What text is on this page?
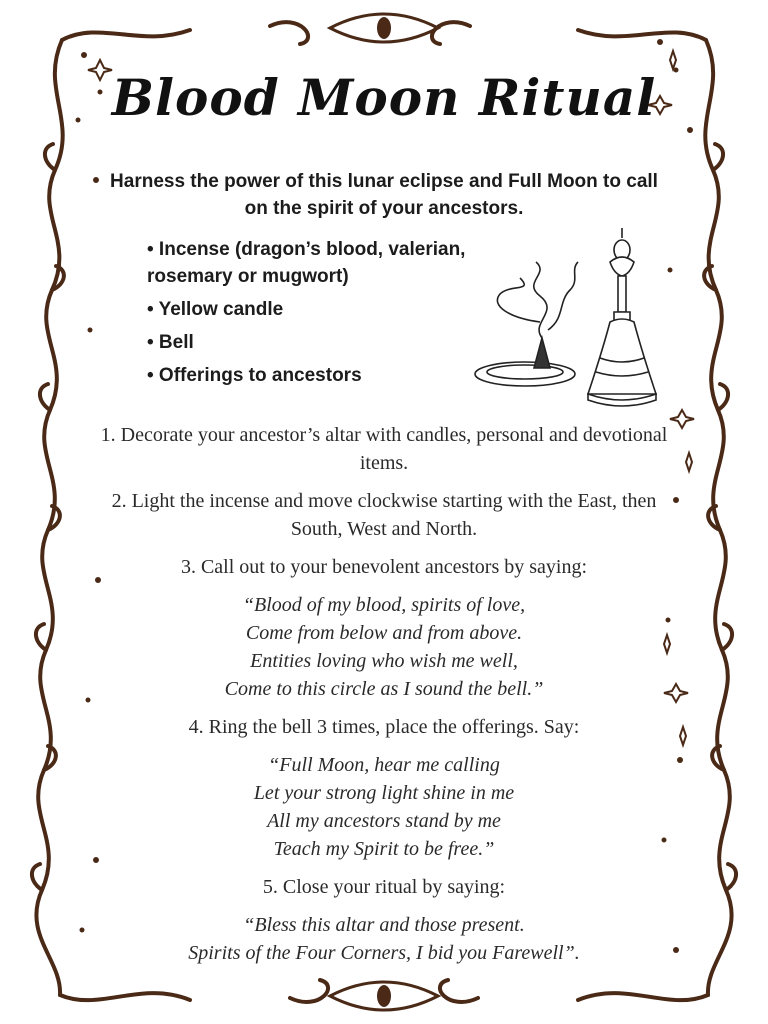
Blood Moon Ritual
Harness the power of this lunar eclipse and Full Moon to call on the spirit of your ancestors.
• Incense (dragon’s blood, valerian, rosemary or mugwort)
• Yellow candle
• Bell
• Offerings to ancestors
1. Decorate your ancestor’s altar with candles, personal and devotional items.
2. Light the incense and move clockwise starting with the East, then South, West and North.
3. Call out to your benevolent ancestors by saying:
“Blood of my blood, spirits of love,
Come from below and from above.
Entities loving who wish me well,
Come to this circle as I sound the bell.”
4. Ring the bell 3 times, place the offerings. Say:
“Full Moon, hear me calling
Let your strong light shine in me
All my ancestors stand by me
Teach my Spirit to be free.”
5. Close your ritual by saying:
“Bless this altar and those present.
Spirits of the Four Corners, I bid you Farewell”.
